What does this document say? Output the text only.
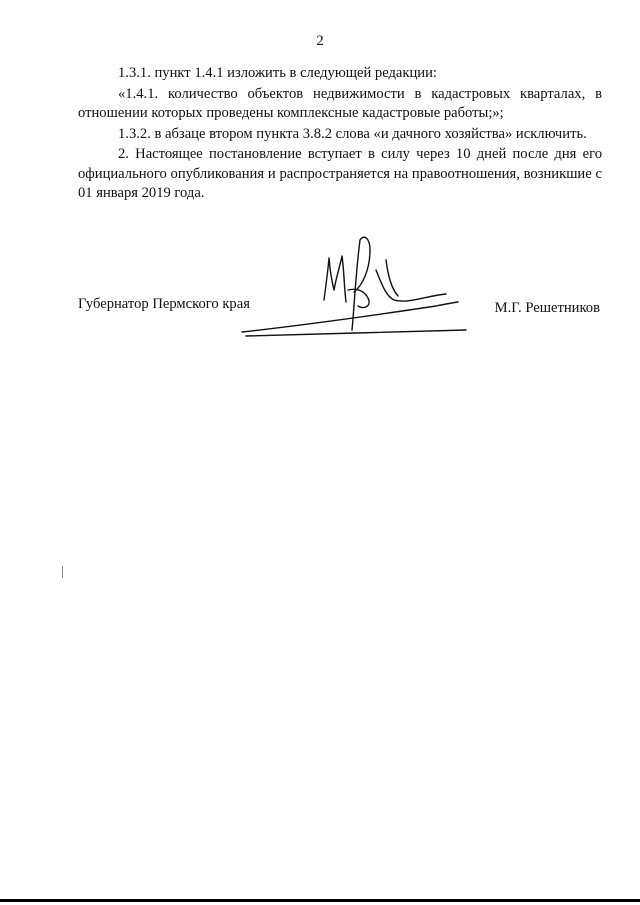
2

1.3.1. пункт 1.4.1 изложить в следующей редакции:

«1.4.1. количество объектов недвижимости в кадастровых кварталах, в отношении которых проведены комплексные кадастровые работы;»;

1.3.2. в абзаце втором пункта 3.8.2 слова «и дачного хозяйства» исключить.

2. Настоящее постановление вступает в силу через 10 дней после дня его официального опубликования и распространяется на правоотношения, возникшие с 01 января 2019 года.

Губернатор Пермского края	М.Г. Решетников
